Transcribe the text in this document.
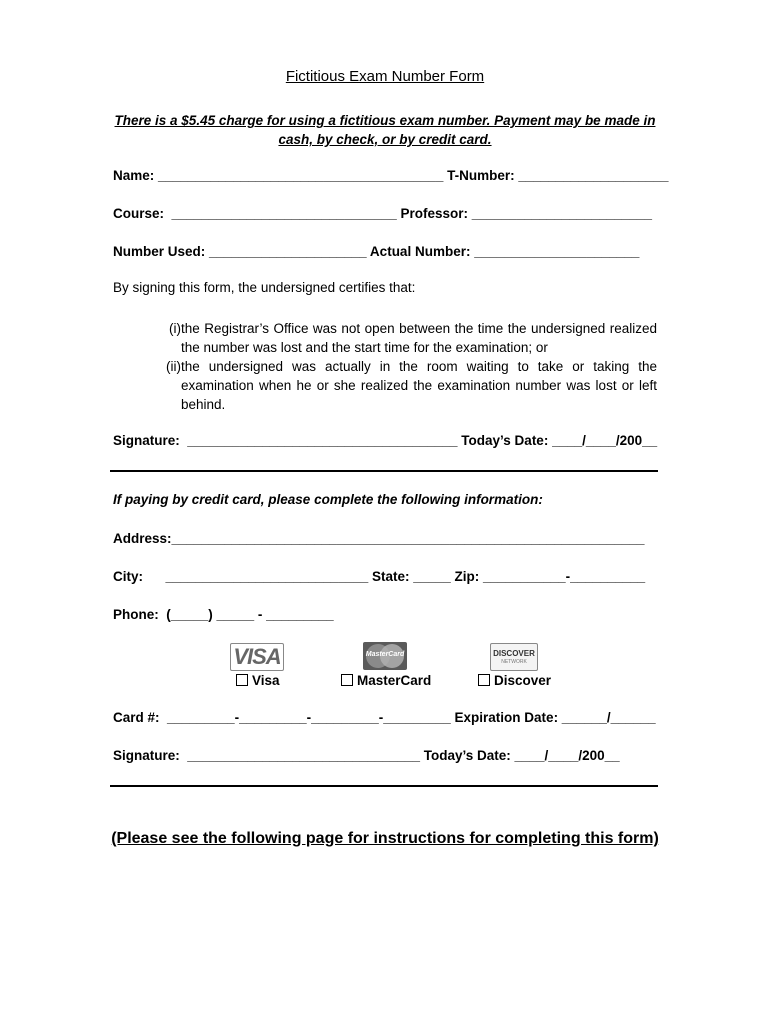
Fictitious Exam Number Form
There is a $5.45 charge for using a fictitious exam number. Payment may be made in
cash, by check, or by credit card.
Name: ______________________________________ T-Number: ____________________
Course:  ______________________________ Professor: ________________________
Number Used: _____________________ Actual Number: ______________________
By signing this form, the undersigned certifies that:
(i) the Registrar’s Office was not open between the time the undersigned realized the number was lost and the start time for the examination; or
(ii) the undersigned was actually in the room waiting to take or taking the examination when he or she realized the examination number was lost or left behind.
Signature:  ____________________________________ Today’s Date: ____/____/200__
If paying by credit card, please complete the following information:
Address:_______________________________________________________________
City:      ___________________________ State: _____ Zip: ___________-__________
Phone:  (_____) _____ - _________
VISA	MasterCard	DISCOVER
NETWORK
Visa	MasterCard	Discover
Card #:  _________-_________-_________-_________ Expiration Date: ______/______
Signature:  _______________________________ Today’s Date: ____/____/200__
(Please see the following page for instructions for completing this form)
